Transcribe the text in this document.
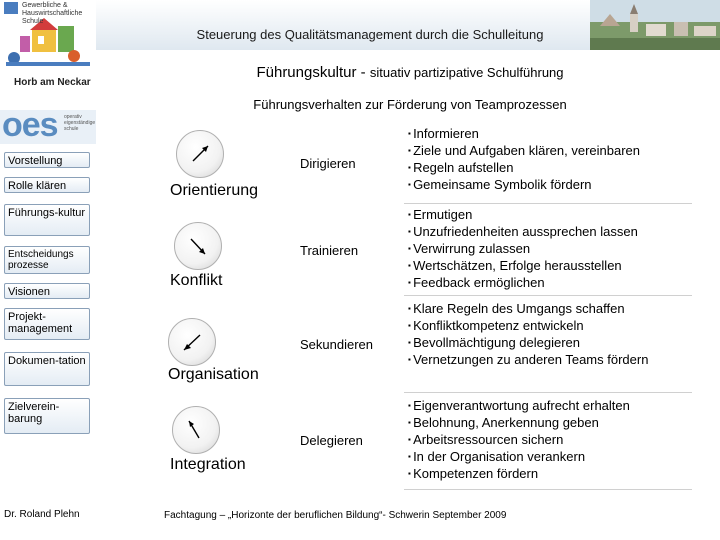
Gewerbliche & Hauswirtschaftliche Schule
Horb am Neckar
Steuerung des Qualitätsmanagement durch die Schulleitung
Führungskultur - situativ partizipative Schulführung
Führungsverhalten zur Förderung von Teamprozessen
oes operativ eigenständige schule
Vorstellung
Rolle klären
Führungs-kultur
Entscheidungs prozesse
Visionen
Projekt-management
Dokumen-tation
Zielverein-barung
Dr. Roland Plehn
Orientierung
Dirigieren
▪ Informieren
▪ Ziele und Aufgaben klären, vereinbaren
▪ Regeln aufstellen
▪ Gemeinsame Symbolik fördern
Konflikt
Trainieren
▪ Ermutigen
▪ Unzufriedenheiten aussprechen lassen
▪ Verwirrung zulassen
▪ Wertschätzen, Erfolge herausstellen
▪ Feedback ermöglichen
Organisation
Sekundieren
▪ Klare Regeln des Umgangs schaffen
▪ Konfliktkompetenz entwickeln
▪ Bevollmächtigung delegieren
▪ Vernetzungen zu anderen Teams fördern
Integration
Delegieren
▪ Eigenverantwortung aufrecht erhalten
▪ Belohnung, Anerkennung geben
▪ Arbeitsressourcen sichern
▪ In der Organisation verankern
▪ Kompetenzen fördern
Fachtagung – „Horizonte der beruflichen Bildung“- Schwerin September 2009
